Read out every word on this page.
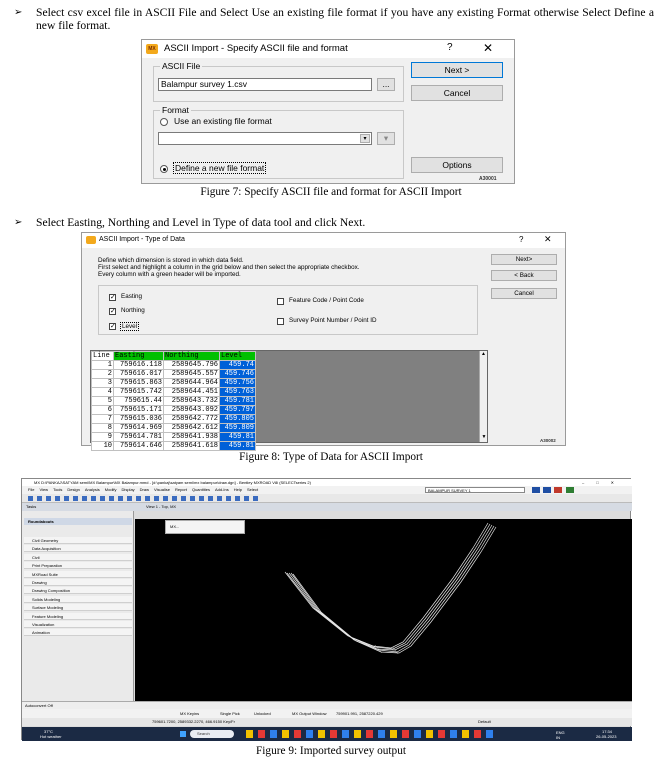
➢ Select csv excel file in ASCII File and Select Use an existing file format if you have any existing Format otherwise Select Define a new file format.
MX ASCII Import - Specify ASCII file and format	?	✕
ASCII File
Balampur survey 1.csv	...
Format
Use an existing file format
▾	▾
Define a new file format
Next >
Cancel
Options
A30001
Figure 7: Specify ASCII file and format for ASCII Import
➢ Select Easting, Northing and Level in Type of data tool and click Next.
ASCII Import - Type of Data	? ✕
Define which dimension is stored in which data field.
First select and highlight a column in the grid below and then select the appropriate checkbox.
Every column with a green header will be imported.
✓ Easting
✓ Northing
✓ Level
Feature Code / Point Code
Survey Point Number / Point ID
Next>
< Back
Cancel
Line	Easting	Northing	Level
1	759616.118	2589645.796	459.74
2	759616.017	2589645.557	459.746
3	759615.863	2589644.964	459.756
4	759615.742	2589644.451	459.763
5	759615.44	2589643.732	459.781
6	759615.171	2589643.092	459.797
7	759615.036	2589642.772	459.805
8	759614.969	2589642.612	459.809
9	759614.781	2589641.938	459.81
10	759614.646	2589641.618	459.81
▲
▼
A30002
Figure 8: Type of Data for ASCII Import
MX D:\PANKAJ\SATYAM semi\MX Balampur\MX Balampur.mmd - [d:\pankaj\satyam semi\mx balampur\draw.dgn] - Bentley MXROAD V8i (SELECTseries 2)	–□✕
File View Tools Design Analysis Modify Display Draw Visualise Report Quantities Add-Ins Help Select	BALAMPUR SURVEY 1
Tasks	View 1 - Top, MX
Roundabouts
Civil Geometry
Data Acquisition
Civil
Print Preparation
MXRoad Suite
Drawing
Drawing Composition
Solids Modeling
Surface Modeling
Feature Modeling
Visualization
Animation
MX...
Autoconvert Off
MX Keyins	Single Pick	Unlocked	MX Output Window 759901.991, 2587220.429
759601.7200, 2589332.2270, 466.9150 Key/Fr	Default
37°C
Hot weather
Search	ENG
IN
17:34
26-05-2023
Figure 9: Imported survey output
